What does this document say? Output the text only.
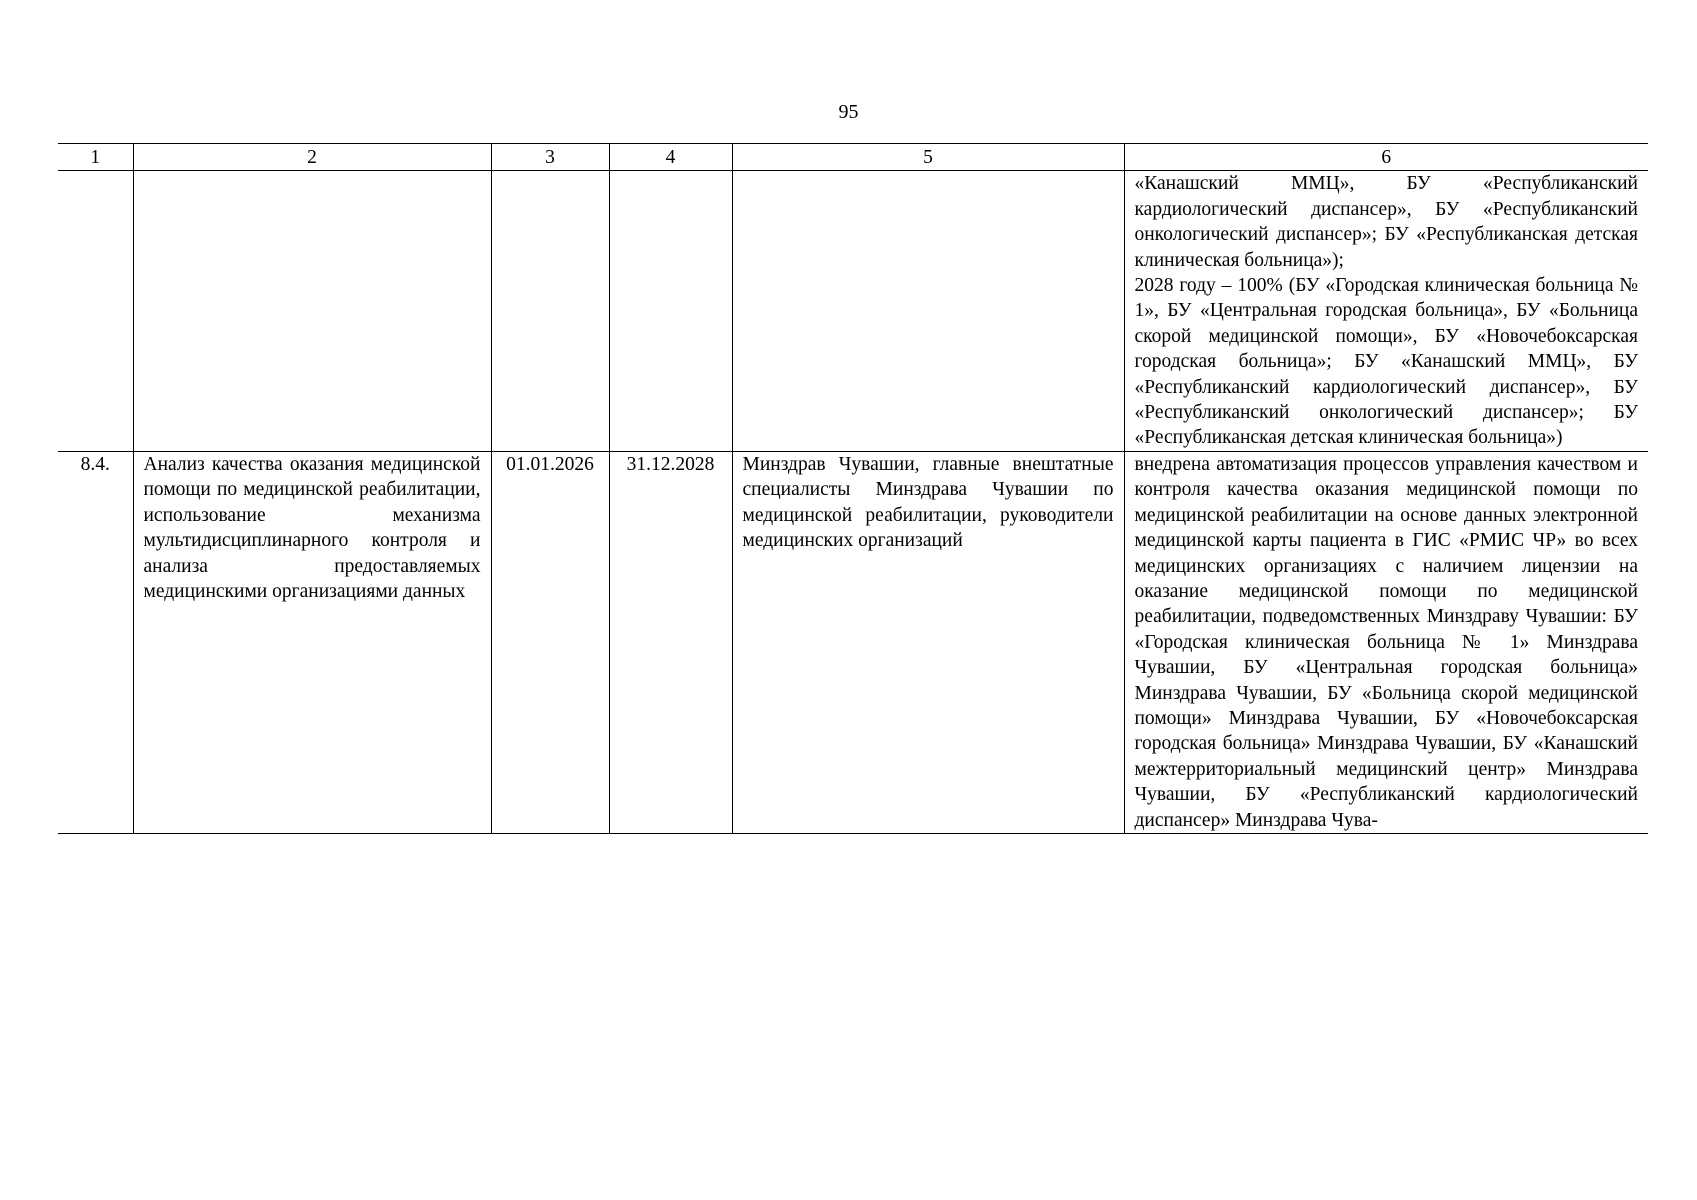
95
1	2	3	4	5	6

					«Канашский ММЦ», БУ «Республиканский кардиологический диспансер», БУ «Республиканский онкологический диспансер»; БУ «Республиканская детская клиническая больница»);

2028 году – 100% (БУ «Городская клиническая больница № 1», БУ «Центральная городская больница», БУ «Больница скорой медицинской помощи», БУ «Новочебоксарская городская больница»; БУ «Канашский ММЦ», БУ «Республиканский кардиологический диспансер», БУ «Республиканский онкологический диспансер»; БУ «Республиканская детская клиническая больница»)

8.4.	Анализ качества оказания медицинской помощи по медицинской реабилитации, использование механизма мультидисциплинарного контроля и анализа предоставляемых медицинскими организациями данных	01.01.2026	31.12.2028	Минздрав Чувашии, главные внештатные специалисты Минздрава Чувашии по медицинской реабилитации, руководители медицинских организаций	внедрена автоматизация процессов управления качеством и контроля качества оказания медицинской помощи по медицинской реабилитации на основе данных электронной медицинской карты пациента в ГИС «РМИС ЧР» во всех медицинских организациях с наличием лицензии на оказание медицинской помощи по медицинской реабилитации, подведомственных Минздраву Чувашии: БУ «Городская клиническая больница № 1» Минздрава Чувашии, БУ «Центральная городская больница» Минздрава Чувашии, БУ «Больница скорой медицинской помощи» Минздрава Чувашии, БУ «Новочебоксарская городская больница» Минздрава Чувашии, БУ «Канашский межтерриториальный медицинский центр» Минздрава Чувашии, БУ «Республиканский кардиологический диспансер» Минздрава Чува-
